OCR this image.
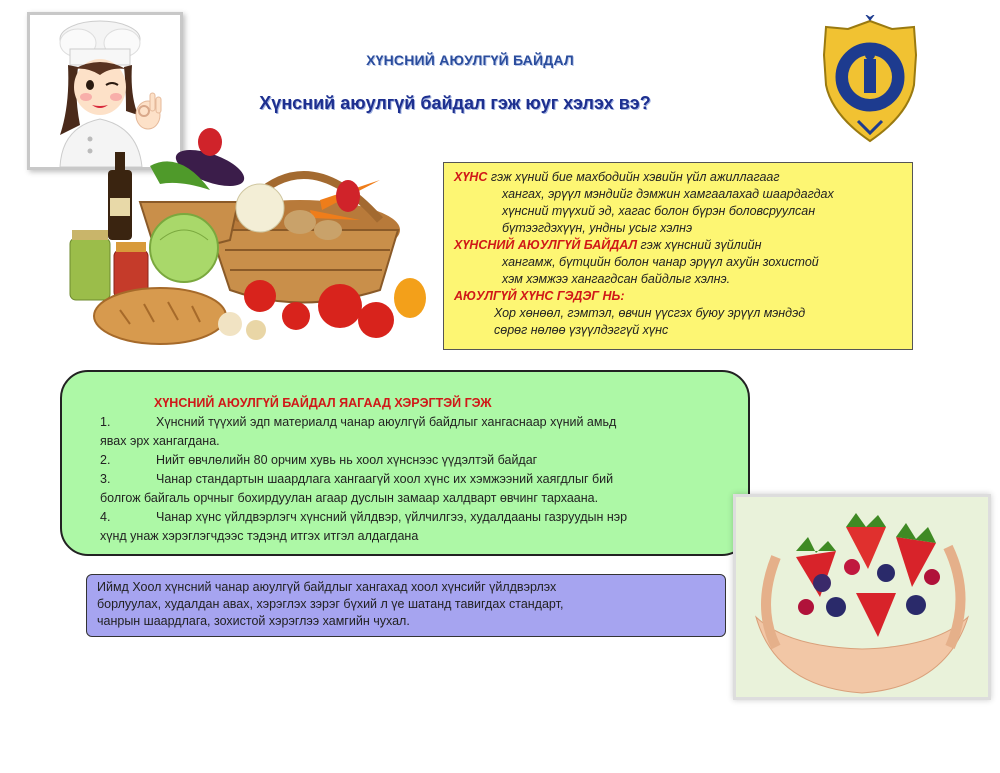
ХҮНСНИЙ АЮУЛГҮЙ БАЙДАЛ
Хүнсний аюулгүй байдал гэж юуг хэлэх вэ?
ХҮНС гэж хүний бие махбодийн хэвийн үйл ажиллагааг
хангах, эрүүл мэндийг дэмжин хамгаалахад шаардагдах
хүнсний түүхий эд, хагас болон бүрэн боловсруулсан
бүтээгдэхүүн, ундны усыг хэлнэ
ХҮНСНИЙ АЮУЛГҮЙ БАЙДАЛ гэж хүнсний зүйлийн
хангамж, бүтцийн болон чанар эрүүл ахуйн зохистой
хэм хэмжээ хангагдсан байдлыг хэлнэ.
АЮУЛГҮЙ ХҮНС ГЭДЭГ НЬ:
Хор хөнөөл, гэмтэл, өвчин үүсгэх буюу эрүүл мэндэд
сөрөг нөлөө үзүүлдэггүй хүнс
ХҮНСНИЙ АЮУЛГҮЙ БАЙДАЛ ЯАГААД ХЭРЭГТЭЙ ГЭЖ
1.	Хүнсний түүхий эдп материалд чанар аюулгүй байдлыг хангаснаар хүний амьд
явах эрх хангагдана.
2.	Нийт өвчлөлийн 80 орчим хувь нь хоол хүнснээс үүдэлтэй байдаг
3.	Чанар стандартын шаардлага хангаагүй хоол хүнс их хэмжээний хаягдлыг бий
болгож байгаль орчныг бохирдуулан агаар дуслын замаар халдварт өвчинг тархаана.
4.	Чанар хүнс үйлдвэрлэгч хүнсний үйлдвэр, үйлчилгээ, худалдааны газруудын нэр
хүнд унаж хэрэглэгчдээс тэдэнд итгэх итгэл алдагдана
Иймд Хоол хүнсний чанар аюулгүй байдлыг хангахад хоол хүнсийг үйлдвэрлэх
борлуулах, худалдан авах, хэрэглэх зэрэг бүхий л үе шатанд тавигдах стандарт,
чанрын шаардлага, зохистой хэрэглээ хамгийн чухал.
